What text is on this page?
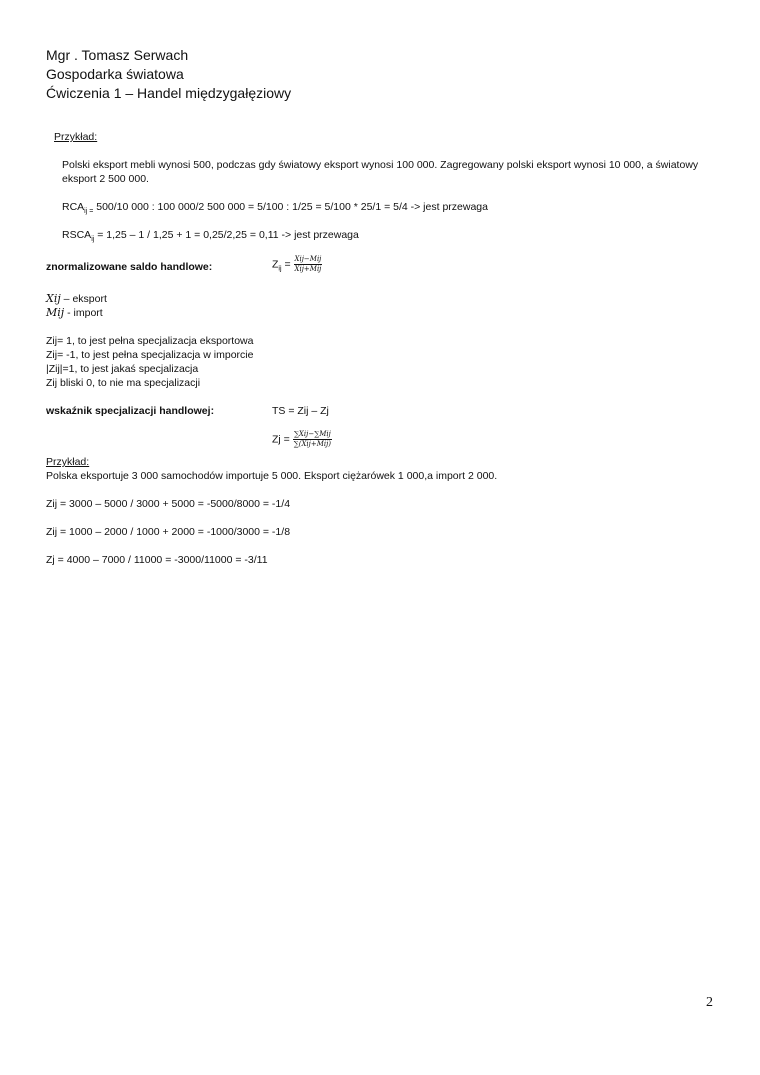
Mgr . Tomasz Serwach
Gospodarka światowa
Ćwiczenia 1 – Handel międzygałęziowy
Przykład:
Polski eksport mebli wynosi 500, podczas gdy światowy eksport wynosi 100 000. Zagregowany polski eksport wynosi 10 000, a światowy
eksport 2 500 000.
$RCA_{ij =}$ 500/10 000 : 100 000/2 500 000 = 5/100 : 1/25 = 5/100 * 25/1 = 5/4 -> jest przewaga
$RSCA_{ij} = 1,25 - 1 / 1,25 + 1 = 0,25/2,25 = 0,11$ -> jest przewaga
znormalizowane saldo handlowe:	$Z_{ij} = \frac{\text{Xij−Mij}}{\text{Xij+Mij}}$
Xij – eksport
Mij - import
Zij= 1, to jest pełna specjalizacja eksportowa
Zij= -1, to jest pełna specjalizacja w imporcie
|Zij|=1, to jest jakaś specjalizacja
Zij bliski 0, to nie ma specjalizacji
wskaźnik specjalizacji handlowej:	TS = Zij – Zj
$Zj = \frac{\text{∑Xij−∑Mij}}{\text{∑(Xij+Mij)}}$
Przykład:
Polska eksportuje 3 000 samochodów importuje 5 000. Eksport ciężarówek 1 000,a import 2 000.
Zij = 3000 – 5000 / 3000 + 5000 = -5000/8000 = -1/4
Zij = 1000 – 2000 / 1000 + 2000 = -1000/3000 = -1/8
Zj = 4000 – 7000 / 11000 = -3000/11000 = -3/11
2
